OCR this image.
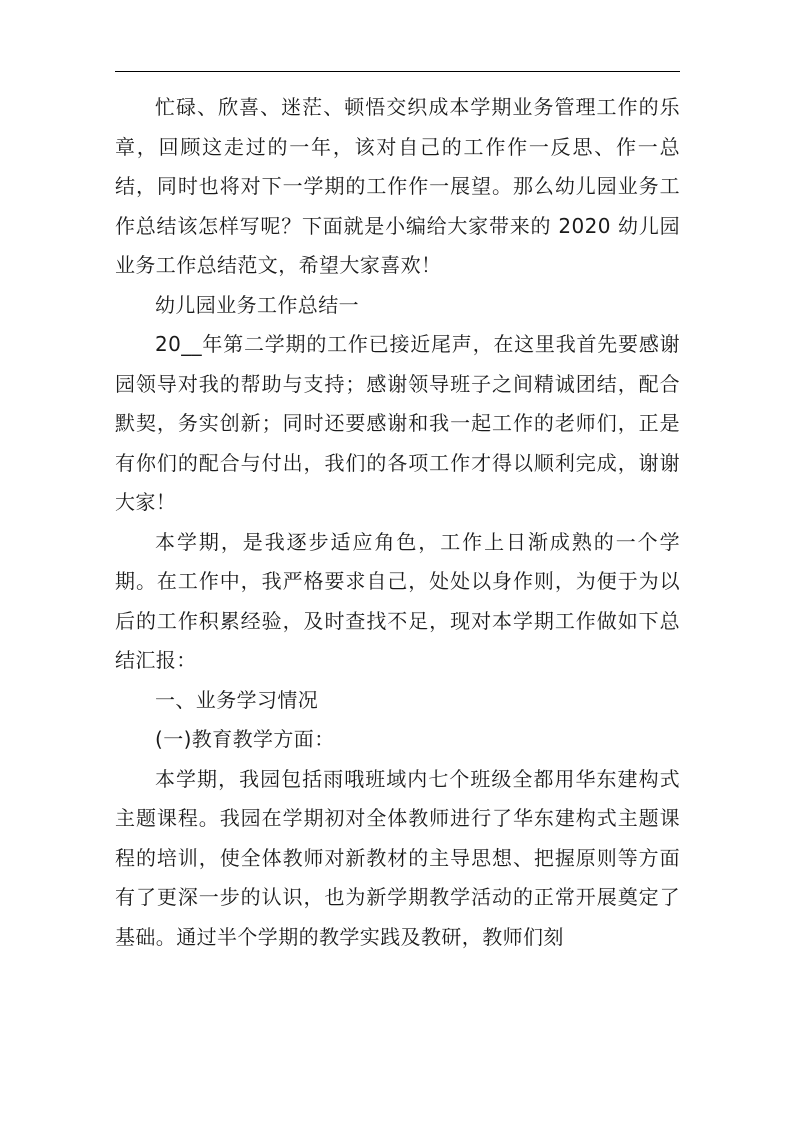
忙碌、欣喜、迷茫、顿悟交织成本学期业务管理工作的乐章，回顾这走过的一年，该对自己的工作作一反思、作一总结，同时也将对下一学期的工作作一展望。那么幼儿园业务工作总结该怎样写呢？下面就是小编给大家带来的 2020 幼儿园业务工作总结范文，希望大家喜欢！

幼儿园业务工作总结一

20__年第二学期的工作已接近尾声，在这里我首先要感谢园领导对我的帮助与支持；感谢领导班子之间精诚团结，配合默契，务实创新；同时还要感谢和我一起工作的老师们，正是有你们的配合与付出，我们的各项工作才得以顺利完成，谢谢大家！

本学期，是我逐步适应角色，工作上日渐成熟的一个学期。在工作中，我严格要求自己，处处以身作则，为便于为以后的工作积累经验，及时查找不足，现对本学期工作做如下总结汇报：

一、业务学习情况

(一)教育教学方面：

本学期，我园包括雨哦班域内七个班级全都用华东建构式主题课程。我园在学期初对全体教师进行了华东建构式主题课程的培训，使全体教师对新教材的主导思想、把握原则等方面有了更深一步的认识，也为新学期教学活动的正常开展奠定了基础。通过半个学期的教学实践及教研，教师们刻
